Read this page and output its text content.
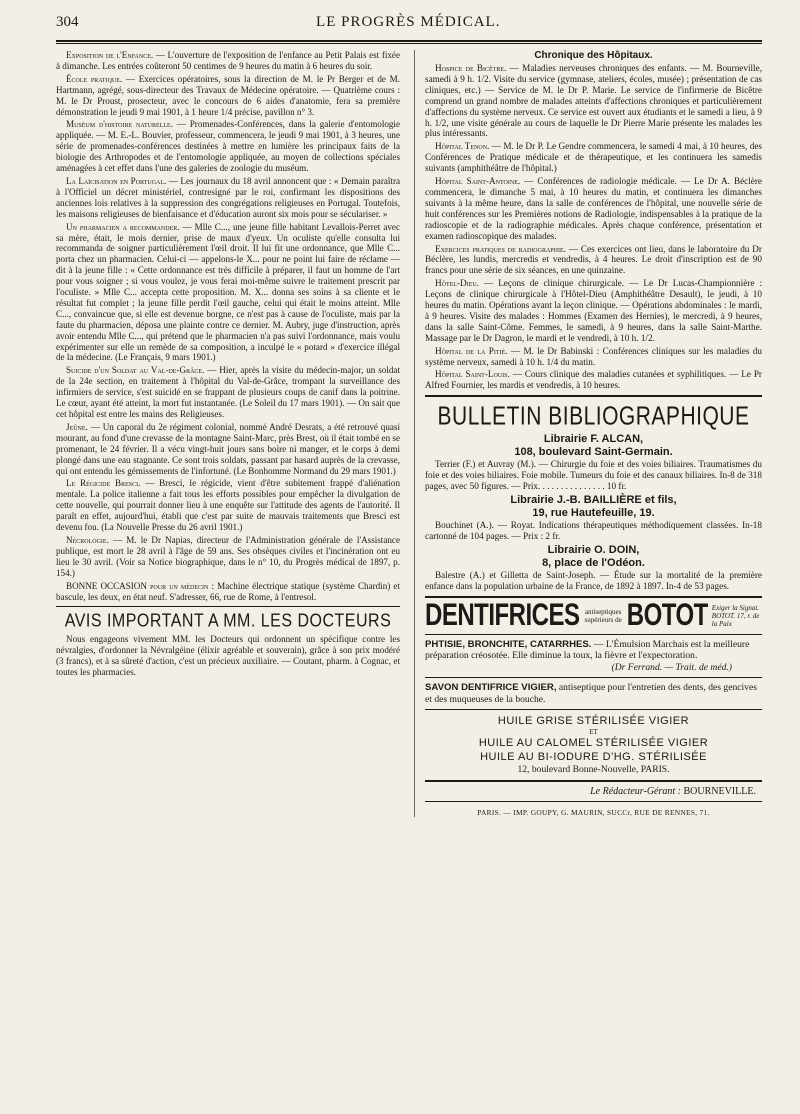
304	LE PROGRÈS MÉDICAL.

Exposition de l'Enfance. — L'ouverture de l'exposition de l'enfance au Petit Palais est fixée à dimanche. Les entrées coûteront 50 centimes de 9 heures du matin à 6 heures du soir.

École pratique. — Exercices opératoires, sous la direction de M. le Pr Berger et de M. Hartmann, agrégé, sous-directeur des Travaux de Médecine opératoire. — Quatrième cours : M. le Dr Proust, prosecteur, avec le concours de 6 aides d'anatomie, fera sa première démonstration le jeudi 9 mai 1901, à 1 heure 1/4 précise, pavillon n° 3.

Muséum d'histoire naturelle. — Promenades-Conférences, dans la galerie d'entomologie appliquée. — M. E.-L. Bouvier, professeur, commencera, le jeudi 9 mai 1901, à 3 heures, une série de promenades-conférences destinées à mettre en lumière les principaux faits de la biologie des Arthropodes et de l'entomologie appliquée, au moyen de collections spéciales aménagées à cet effet dans l'une des galeries de zoologie du muséum.

La Laïcisation en Portugal. — Les journaux du 18 avril annoncent que : « Demain paraîtra à l'Officiel un décret ministériel, contresigné par le roi, confirmant les dispositions des anciennes lois relatives à la suppression des congrégations religieuses en Portugal. Toutefois, les maisons religieuses de bienfaisance et d'éducation auront six mois pour se séculariser. »

Un pharmacien a recommander. — Mlle C..., une jeune fille habitant Levallois-Perret avec sa mère, était, le mois dernier, prise de maux d'yeux. Un oculiste qu'elle consulta lui recommanda de soigner particulièrement l'œil droit. Il lui fit une ordonnance, que Mlle C... porta chez un pharmacien. Celui-ci — appelons-le X... pour ne point lui faire de réclame — dit à la jeune fille : « Cette ordonnance est très difficile à préparer, il faut un homme de l'art pour vous soigner ; si vous voulez, je vous ferai moi-même suivre le traitement prescrit par l'oculiste. » Mlle C... accepta cette proposition. M. X... donna ses soins à sa cliente et le résultat fut complet ; la jeune fille perdit l'œil gauche, celui qui était le moins atteint. Mlle C..., convaincue que, si elle est devenue borgne, ce n'est pas à cause de l'oculiste, mais par la faute du pharmacien, déposa une plainte contre ce dernier. M. Aubry, juge d'instruction, après avoir entendu Mlle C..., qui prétend que le pharmacien n'a pas suivi l'ordonnance, mais voulu expérimenter sur elle un remède de sa composition, a inculpé le « potard » d'exercice illégal de la médecine. (Le Français, 9 mars 1901.)

Suicide d'un Soldat au Val-de-Grâce. — Hier, après la visite du médecin-major, un soldat de la 24e section, en traitement à l'hôpital du Val-de-Grâce, trompant la surveillance des infirmiers de service, s'est suicidé en se frappant de plusieurs coups de canif dans la poitrine. Le cœur, ayant été atteint, la mort fut instantanée. (Le Soleil du 17 mars 1901). — On sait que cet hôpital est entre les mains des Religieuses.

Jeûne. — Un caporal du 2e régiment colonial, nommé André Desrats, a été retrouvé quasi mourant, au fond d'une crevasse de la montagne Saint-Marc, près Brest, où il était tombé en se promenant, le 24 février. Il a vécu vingt-huit jours sans boire ni manger, et le corps à demi plongé dans une eau stagnante. Ce sont trois soldats, passant par hasard auprès de la crevasse, qui ont entendu les gémissements de l'infortuné. (Le Bonhomme Normand du 29 mars 1901.)

Le Régicide Bresci. — Bresci, le régicide, vient d'être subitement frappé d'aliénation mentale. La police italienne a fait tous les efforts possibles pour empêcher la divulgation de cette nouvelle, qui pourrait donner lieu à une enquête sur l'attitude des agents de l'autorité. Il paraît en effet, aujourd'hui, établi que c'est par suite de mauvais traitements que Bresci est devenu fou. (La Nouvelle Presse du 26 avril 1901.)

Nécrologie. — M. le Dr Napias, directeur de l'Administration générale de l'Assistance publique, est mort le 28 avril à l'âge de 59 ans. Ses obsèques civiles et l'incinération ont eu lieu le 30 avril. (Voir sa Notice biographique, dans le n° 10, du Progrès médical de 1897, p. 154.)

BONNE OCCASION pour un médecin : Machine électrique statique (système Chardin) et bascule, les deux, en état neuf. S'adresser, 66, rue de Rome, à l'entresol.

AVIS IMPORTANT A MM. LES DOCTEURS

Nous engageons vivement MM. les Docteurs qui ordonnent un spécifique contre les névralgies, d'ordonner la Névralgéine (élixir agréable et souverain), grâce à son prix modéré (3 francs), et à sa sûreté d'action, c'est un précieux auxiliaire. — Coutant, pharm. à Cognac, et toutes les pharmacies.

Chronique des Hôpitaux.

Hospice de Bicêtre. — Maladies nerveuses chroniques des enfants. — M. Bourneville, samedi à 9 h. 1/2. Visite du service (gymnase, ateliers, écoles, musée) ; présentation de cas cliniques, etc.) — Service de M. le Dr P. Marie. Le service de l'infirmerie de Bicêtre comprend un grand nombre de malades atteints d'affections chroniques et particulièrement d'affections du système nerveux. Ce service est ouvert aux étudiants et le samedi a lieu, à 9 h. 1/2, une visite générale au cours de laquelle le Dr Pierre Marie présente les malades les plus intéressants.

Hôpital Tenon. — M. le Dr P. Le Gendre commencera, le samedi 4 mai, à 10 heures, des Conférences de Pratique médicale et de thérapeutique, et les continuera les samedis suivants (amphithéâtre de l'hôpital.)

Hôpital Saint-Antoine. — Conférences de radiologie médicale. — Le Dr A. Béclère commencera, le dimanche 5 mai, à 10 heures du matin, et continuera les dimanches suivants à la même heure, dans la salle de conférences de l'hôpital, une nouvelle série de huit conférences sur les Premières notions de Radiologie, indispensables à la pratique de la radioscopie et de la radiographie médicales. Après chaque conférence, présentation et examen radioscopique des malades.

Exercices pratiques de radiographie. — Ces exercices ont lieu, dans le laboratoire du Dr Béclère, les lundis, mercredis et vendredis, à 4 heures. Le droit d'inscription est de 90 francs pour une série de six séances, en une quinzaine.

Hôtel-Dieu. — Leçons de clinique chirurgicale. — Le Dr Lucas-Championnière : Leçons de clinique chirurgicale à l'Hôtel-Dieu (Amphithéâtre Desault), le jeudi, à 10 heures du matin. Opérations avant la leçon clinique. — Opérations abdominales : le mardi, à 9 heures. Visite des malades : Hommes (Examen des Hernies), le mercredi, à 9 heures, dans la salle Saint-Côme. Femmes, le samedi, à 9 heures, dans la salle Saint-Marthe. Massage par le Dr Dagron, le mardi et le vendredi, à 10 h. 1/2.

Hôpital de la Pitié. — M. le Dr Babinski : Conférences cliniques sur les maladies du système nerveux, samedi à 10 h. 1/4 du matin.

Hôpital Saint-Louis. — Cours clinique des maladies cutanées et syphilitiques. — Le Pr Alfred Fournier, les mardis et vendredis, à 10 heures.

BULLETIN BIBLIOGRAPHIQUE
Librairie F. ALCAN,
108, boulevard Saint-Germain.

Terrier (F.) et Auvray (M.). — Chirurgie du foie et des voies biliaires. Traumatismes du foie et des voies biliaires. Foie mobile. Tumeurs du foie et des canaux biliaires. In-8 de 318 pages, avec 50 figures. — Prix. . . . . . . . . . . . . . . 10 fr.

Librairie J.-B. BAILLIÈRE et fils,
19, rue Hautefeuille, 19.

Bouchinet (A.). — Royat. Indications thérapeutiques méthodiquement classées. In-18 cartonné de 104 pages. — Prix : 2 fr.

Librairie O. DOIN,
8, place de l'Odéon.

Balestre (A.) et Gilletta de Saint-Joseph. — Étude sur la mortalité de la première enfance dans la population urbaine de la France, de 1892 à 1897. In-4 de 53 pages.

DENTIFRICES antiseptiques supérieurs de BOTOT Exiger la Signat. BOTOT. 17, r. de la Paix

PHTISIE, BRONCHITE, CATARRHES. — L'Émulsion Marchais est la meilleure préparation créosotée. Elle diminue la toux, la fièvre et l'expectoration.

(Dr Ferrand. — Trait. de méd.)

SAVON DENTIFRICE VIGIER, antiseptique pour l'entretien des dents, des gencives et des muqueuses de la bouche.

HUILE GRISE STÉRILISÉE VIGIER
ET
HUILE AU CALOMEL STÉRILISÉE VIGIER
HUILE AU BI-IODURE D'HG. STÉRILISÉE
12, boulevard Bonne-Nouvelle, PARIS.
Le Rédacteur-Gérant : BOURNEVILLE.
PARIS. — IMP. GOUPY, G. MAURIN, SUCCr, RUE DE RENNES, 71.
